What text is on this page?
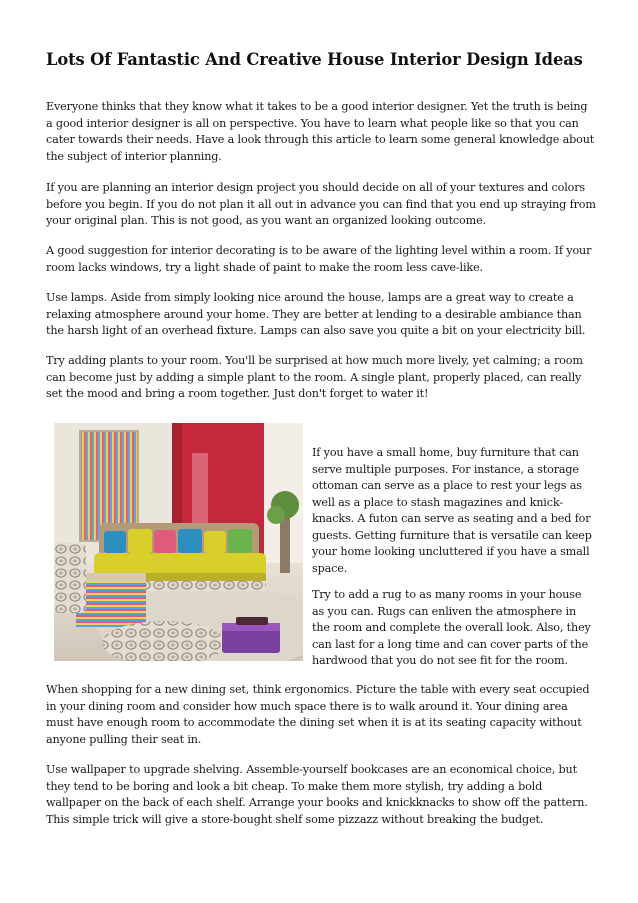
Lots Of Fantastic And Creative House Interior Design Ideas

Everyone thinks that they know what it takes to be a good interior designer. Yet the truth is being a good interior designer is all on perspective. You have to learn what people like so that you can cater towards their needs. Have a look through this article to learn some general knowledge about the subject of interior planning.

If you are planning an interior design project you should decide on all of your textures and colors before you begin. If you do not plan it all out in advance you can find that you end up straying from your original plan. This is not good, as you want an organized looking outcome.

A good suggestion for interior decorating is to be aware of the lighting level within a room. If your room lacks windows, try a light shade of paint to make the room less cave-like.

Use lamps. Aside from simply looking nice around the house, lamps are a great way to create a relaxing atmosphere around your home. They are better at lending to a desirable ambiance than the harsh light of an overhead fixture. Lamps can also save you quite a bit on your electricity bill.

Try adding plants to your room. You'll be surprised at how much more lively, yet calming; a room can become just by adding a simple plant to the room. A single plant, properly placed, can really set the mood and bring a room together. Just don't forget to water it!

If you have a small home, buy furniture that can serve multiple purposes. For instance, a storage ottoman can serve as a place to rest your legs as well as a place to stash magazines and knick-knacks. A futon can serve as seating and a bed for guests. Getting furniture that is versatile can keep your home looking uncluttered if you have a small space.

Try to add a rug to as many rooms in your house as you can. Rugs can enliven the atmosphere in the room and complete the overall look. Also, they can last for a long time and can cover parts of the hardwood that you do not see fit for the room.

When shopping for a new dining set, think ergonomics. Picture the table with every seat occupied in your dining room and consider how much space there is to walk around it. Your dining area must have enough room to accommodate the dining set when it is at its seating capacity without anyone pulling their seat in.

Use wallpaper to upgrade shelving. Assemble-yourself bookcases are an economical choice, but they tend to be boring and look a bit cheap. To make them more stylish, try adding a bold wallpaper on the back of each shelf. Arrange your books and knickknacks to show off the pattern. This simple trick will give a store-bought shelf some pizzazz without breaking the budget.
